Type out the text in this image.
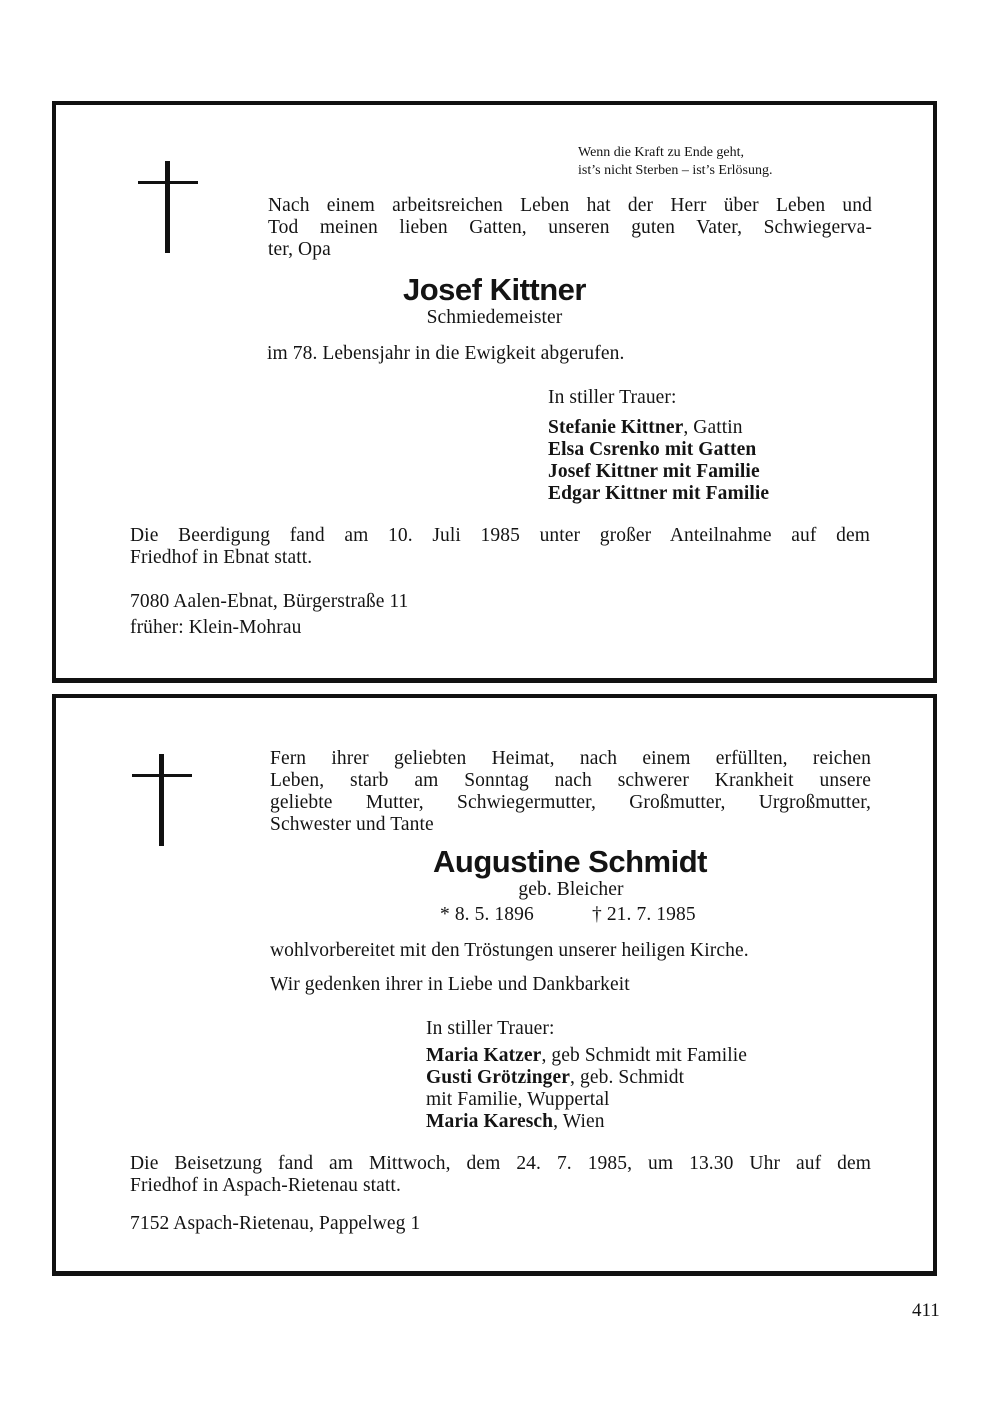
Wenn die Kraft zu Ende geht,
ist’s nicht Sterben – ist’s Erlösung.
Nach einem arbeitsreichen Leben hat der Herr über Leben und
Tod meinen lieben Gatten, unseren guten Vater, Schwiegerva-
ter, Opa
Josef Kittner
Schmiedemeister
im 78. Lebensjahr in die Ewigkeit abgerufen.
In stiller Trauer:
Stefanie Kittner, Gattin
Elsa Csrenko mit Gatten
Josef Kittner mit Familie
Edgar Kittner mit Familie
Die Beerdigung fand am 10. Juli 1985 unter großer Anteilnahme auf dem
Friedhof in Ebnat statt.
7080 Aalen-Ebnat, Bürgerstraße 11
früher: Klein-Mohrau
Fern ihrer geliebten Heimat, nach einem erfüllten, reichen
Leben, starb am Sonntag nach schwerer Krankheit unsere
geliebte Mutter, Schwiegermutter, Großmutter, Urgroßmutter,
Schwester und Tante
Augustine Schmidt
geb. Bleicher
* 8. 5. 1896	† 21. 7. 1985
wohlvorbereitet mit den Tröstungen unserer heiligen Kirche.
Wir gedenken ihrer in Liebe und Dankbarkeit
In stiller Trauer:
Maria Katzer, geb Schmidt mit Familie
Gusti Grötzinger, geb. Schmidt
mit Familie, Wuppertal
Maria Karesch, Wien
Die Beisetzung fand am Mittwoch, dem 24. 7. 1985, um 13.30 Uhr auf dem
Friedhof in Aspach-Rietenau statt.
7152 Aspach-Rietenau, Pappelweg 1
411
